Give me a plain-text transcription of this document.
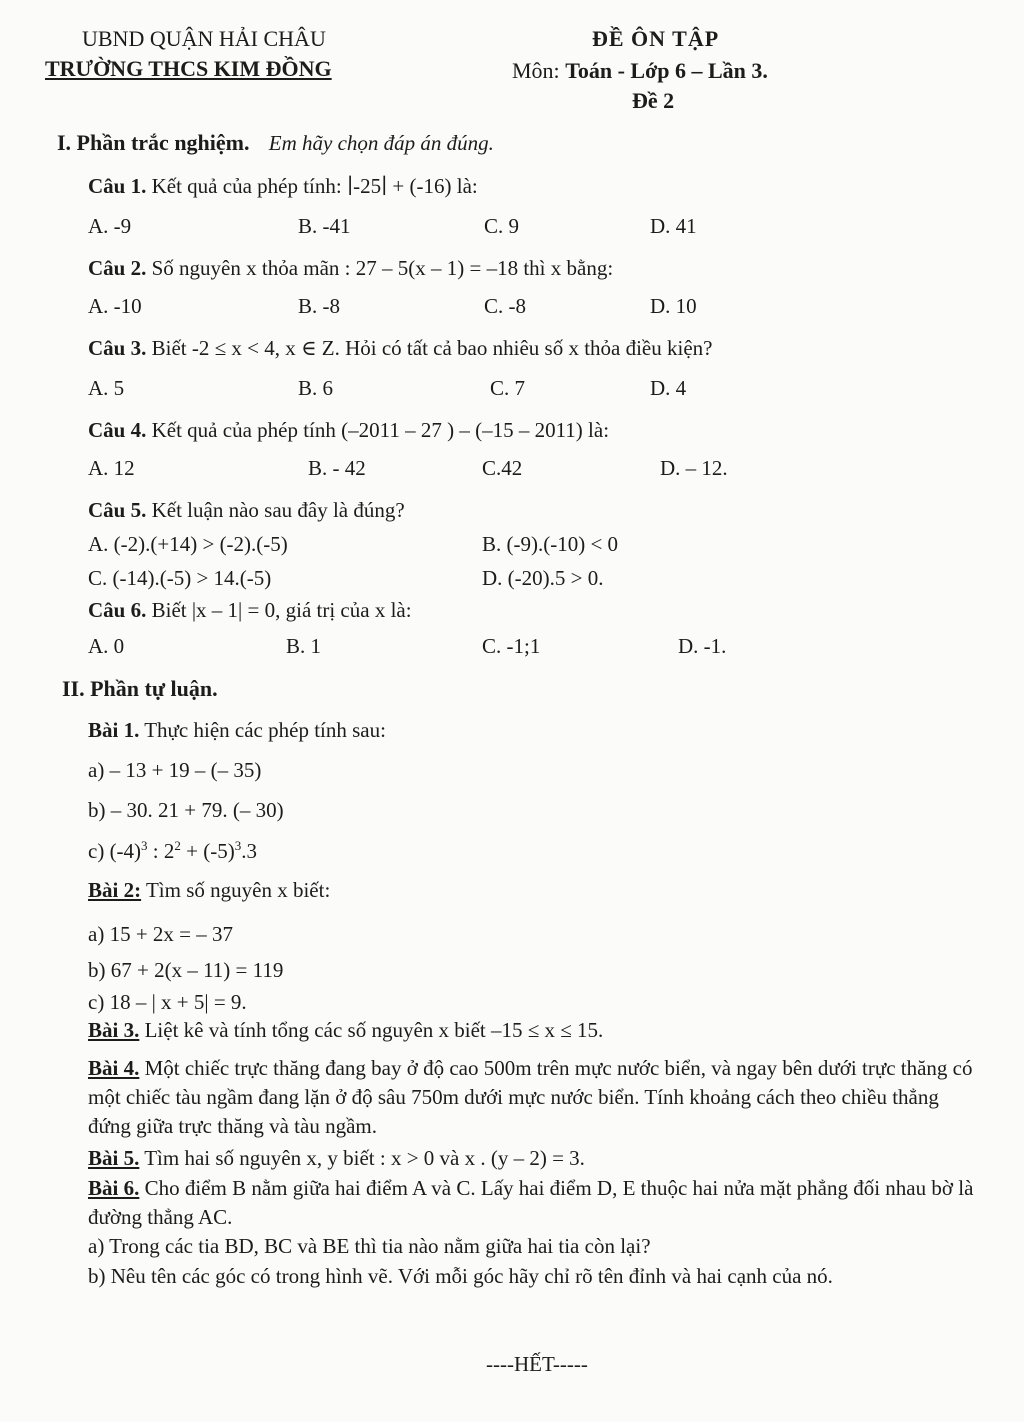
UBND QUẬN HẢI CHÂU
TRƯỜNG THCS KIM ĐỒNG
ĐỀ ÔN TẬP
Môn: Toán - Lớp 6 – Lần 3.
Đề 2
I. Phần trắc nghiệm. Em hãy chọn đáp án đúng.
Câu 1. Kết quả của phép tính: ∣-25∣ + (-16) là:
A. -9	B. -41	C. 9	D. 41
Câu 2. Số nguyên x thỏa mãn : 27 – 5(x – 1) = –18 thì x bằng:
A. -10	B. -8	C. -8	D. 10
Câu 3. Biết -2 ≤ x < 4, x ∈ Z. Hỏi có tất cả bao nhiêu số x thỏa điều kiện?
A. 5	B. 6	C. 7	D. 4
Câu 4. Kết quả của phép tính (–2011 – 27 ) – (–15 – 2011) là:
A. 12	B. - 42	C.42	D. – 12.
Câu 5. Kết luận nào sau đây là đúng?
A. (-2).(+14) > (-2).(-5)	B. (-9).(-10) < 0
C. (-14).(-5) > 14.(-5)	D. (-20).5 > 0.
Câu 6. Biết |x – 1| = 0, giá trị của x là:
A. 0	B. 1	C. -1;1	D. -1.
II. Phần tự luận.
Bài 1. Thực hiện các phép tính sau:
a) – 13 + 19 – (– 35)
b) – 30. 21 + 79. (– 30)
c) $(-4)^3$ : $2^2 + (-5)^3.3$
Bài 2: Tìm số nguyên x biết:
a) 15 + 2x = – 37
b) 67 + 2(x – 11) = 119
c) 18 – | x + 5| = 9.
Bài 3. Liệt kê và tính tổng các số nguyên x biết –15 ≤ x ≤ 15.
Bài 4. Một chiếc trực thăng đang bay ở độ cao 500m trên mực nước biển, và ngay bên dưới trực thăng có một chiếc tàu ngầm đang lặn ở độ sâu 750m dưới mực nước biển. Tính khoảng cách theo chiều thẳng đứng giữa trực thăng và tàu ngầm.
Bài 5. Tìm hai số nguyên x, y biết : x > 0 và x . (y – 2) = 3.
Bài 6. Cho điểm B nằm giữa hai điểm A và C. Lấy hai điểm D, E thuộc hai nửa mặt phẳng đối nhau bờ là đường thẳng AC.
a) Trong các tia BD, BC và BE thì tia nào nằm giữa hai tia còn lại?
b) Nêu tên các góc có trong hình vẽ. Với mỗi góc hãy chỉ rõ tên đỉnh và hai cạnh của nó.
----HẾT-----
